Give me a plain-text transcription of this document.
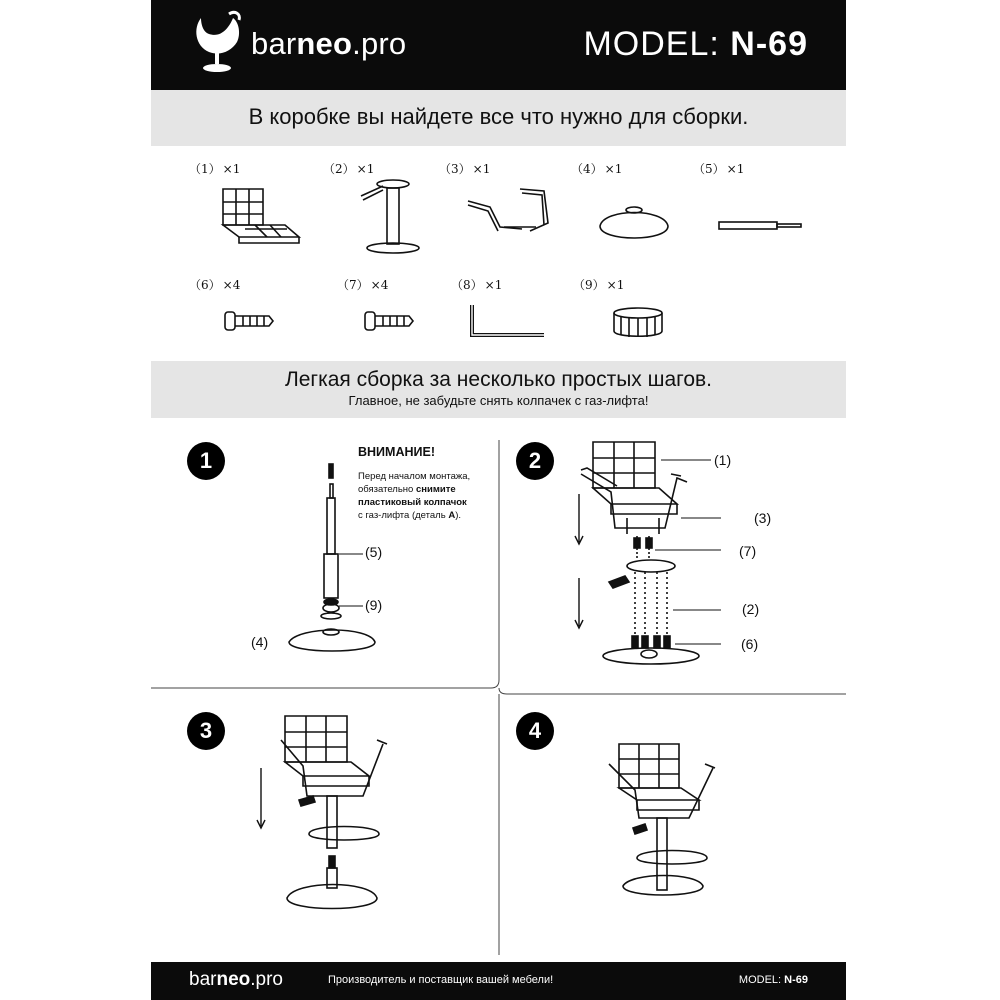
barneo.pro	MODEL: N-69
В коробке вы найдете все что нужно для сборки.
（1） ×1	（2） ×1	（3） ×1	（4） ×1	（5） ×1
（6） ×4	（7） ×4	（8） ×1	（9） ×1
Легкая сборка за несколько простых шагов.
Главное, не забудьте снять колпачек с газ-лифта!
1
(5)
(9)
(4)
ВНИМАНИЕ!
Перед началом монтажа,
обязательно снимите
пластиковый колпачок
с газ-лифта (деталь А).
2	(1)
(3)
(7)
(2)
(6)
3	4
barneo.pro	Производитель и поставщик вашей мебели!	MODEL: N-69
